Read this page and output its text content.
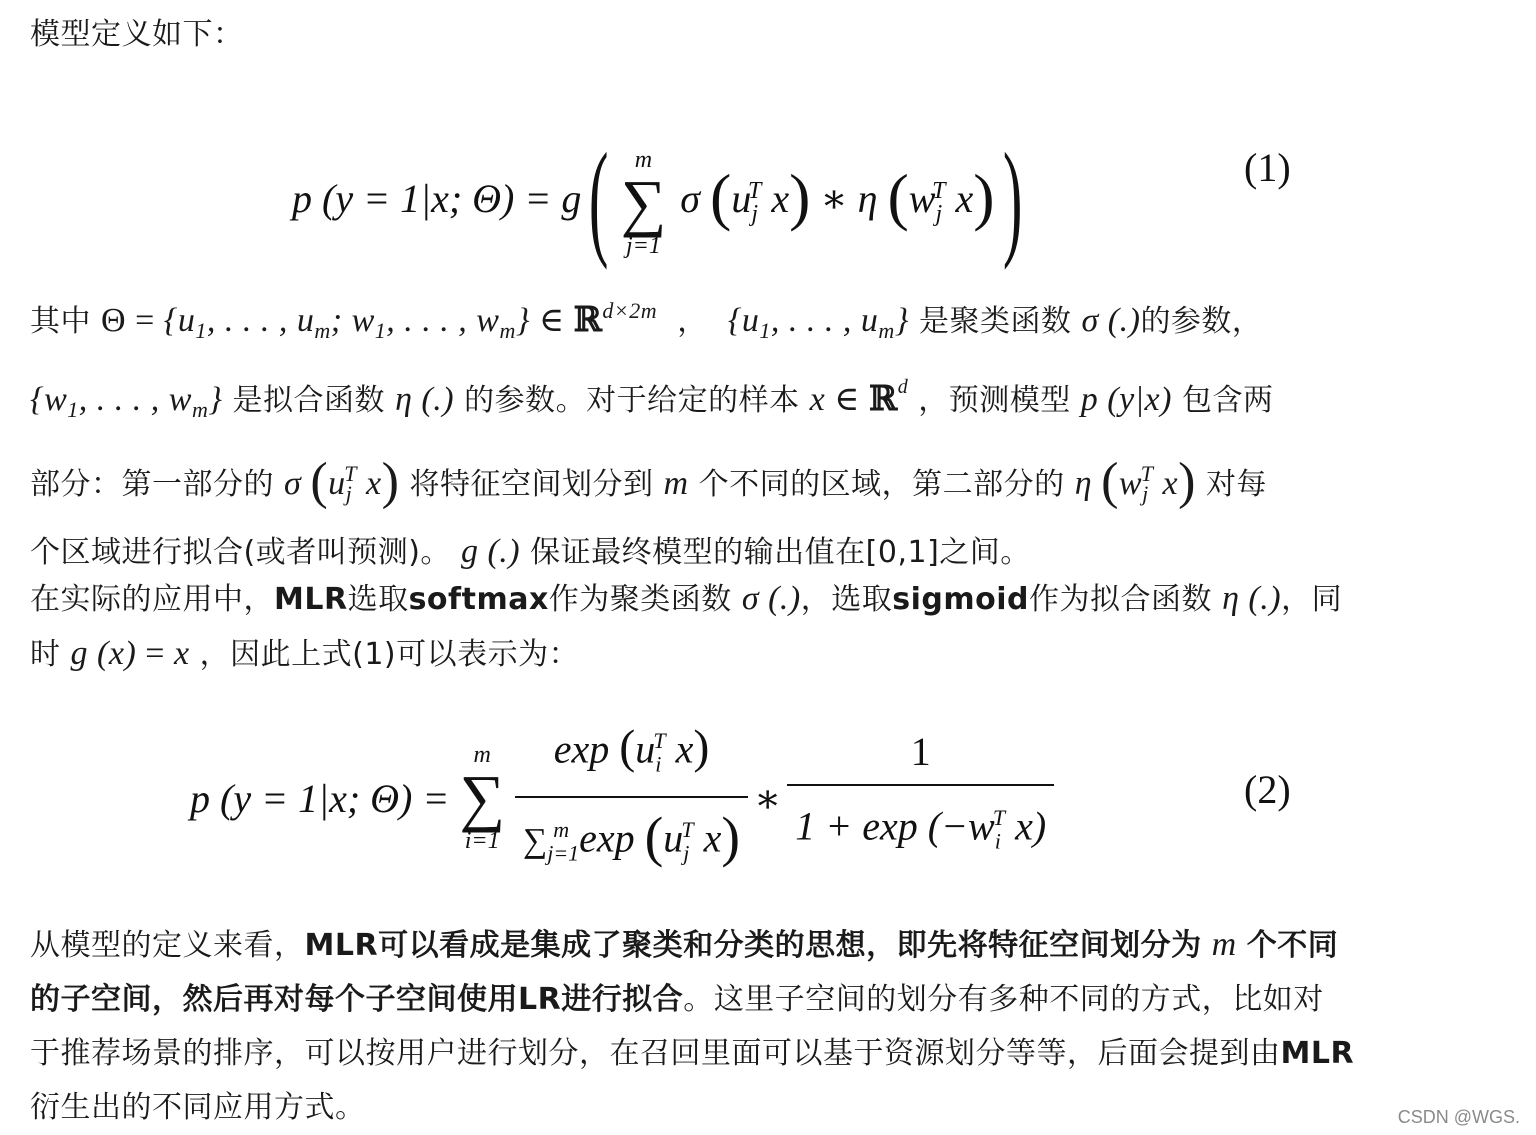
模型定义如下：
p (y = 1|x; Θ) = g (	m
∑
j=1
σ ($u_j^T$ x) ∗ η ($w_j^T$ x) )	(1)
其中 $\Theta = \{u_1$, . . . , $u_m$; $w_1$, . . . , $w_m$} ∈ ℝ$^{d\times 2m}$  ，  {$u_1$, . . . , $u_m$} 是聚类函数 σ (.)的参数，
{$w_1$, . . . , $w_m$} 是拟合函数 η (.) 的参数。对于给定的样本 x ∈ ℝ$^d$ ，预测模型 p (y|x) 包含两
部分：第一部分的 σ ($u_j^T$ x) 将特征空间划分到 m 个不同的区域，第二部分的 η ($w_j^T$ x) 对每
个区域进行拟合(或者叫预测)。 g (.) 保证最终模型的输出值在[0,1]之间。
在实际的应用中，MLR选取softmax作为聚类函数 σ (.)，选取sigmoid作为拟合函数 η (.)，同
时 g (x) = x ，因此上式(1)可以表示为：
p (y = 1|x; Θ) =
m
∑
$i=1 \frac{\exp (u_i^T x)}{\sum_{j=1}^m \exp (u_j^T x)}$ ∗ $\frac{1}{1 + \exp (-w_i^T x)}$	(2)
从模型的定义来看，MLR可以看成是集成了聚类和分类的思想，即先将特征空间划分为 m 个不同
的子空间，然后再对每个子空间使用LR进行拟合。这里子空间的划分有多种不同的方式，比如对
于推荐场景的排序，可以按用户进行划分，在召回里面可以基于资源划分等等，后面会提到由MLR
衍生出的不同应用方式。	CSDN @WGS.
